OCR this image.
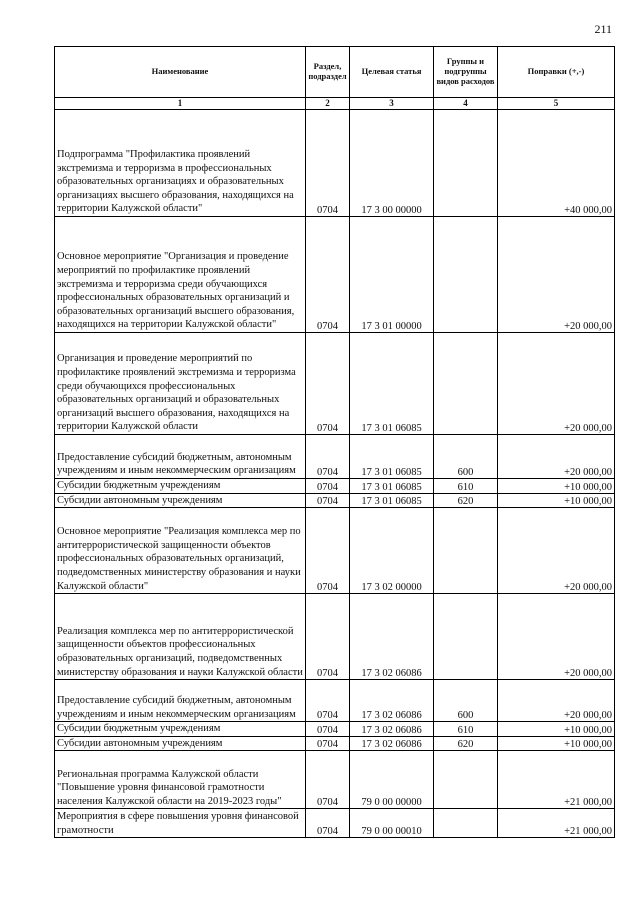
211
Наименование	Раздел, подраздел	Целевая статья	Группы и подгруппы видов расходов	Поправки (+,-)
1	2	3	4	5
Подпрограмма "Профилактика проявлений экстремизма и терроризма в профессиональных образовательных организациях и образовательных организациях высшего образования, находящихся на территории Калужской области"	0704	17 3 00 00000		+40 000,00
Основное мероприятие "Организация и проведение мероприятий по профилактике проявлений экстремизма и терроризма среди обучающихся профессиональных образовательных организаций и образовательных организаций высшего образования, находящихся на территории Калужской области"	0704	17 3 01 00000		+20 000,00
Организация и проведение мероприятий по профилактике проявлений экстремизма и терроризма среди обучающихся профессиональных образовательных организаций и образовательных организаций высшего образования, находящихся на территории Калужской области	0704	17 3 01 06085		+20 000,00
Предоставление субсидий бюджетным, автономным учреждениям и иным некоммерческим организациям	0704	17 3 01 06085	600	+20 000,00
Субсидии бюджетным учреждениям	0704	17 3 01 06085	610	+10 000,00
Субсидии автономным учреждениям	0704	17 3 01 06085	620	+10 000,00
Основное мероприятие "Реализация комплекса мер по антитеррористической защищенности объектов профессиональных образовательных организаций, подведомственных министерству образования и науки Калужской области"	0704	17 3 02 00000		+20 000,00
Реализация комплекса мер по антитеррористической защищенности объектов профессиональных образовательных организаций, подведомственных министерству образования и науки Калужской области	0704	17 3 02 06086		+20 000,00
Предоставление субсидий бюджетным, автономным учреждениям и иным некоммерческим организациям	0704	17 3 02 06086	600	+20 000,00
Субсидии бюджетным учреждениям	0704	17 3 02 06086	610	+10 000,00
Субсидии автономным учреждениям	0704	17 3 02 06086	620	+10 000,00
Региональная программа Калужской области "Повышение уровня финансовой грамотности населения Калужской области на 2019-2023 годы"	0704	79 0 00 00000		+21 000,00
Мероприятия в сфере повышения уровня финансовой грамотности	0704	79 0 00 00010		+21 000,00
